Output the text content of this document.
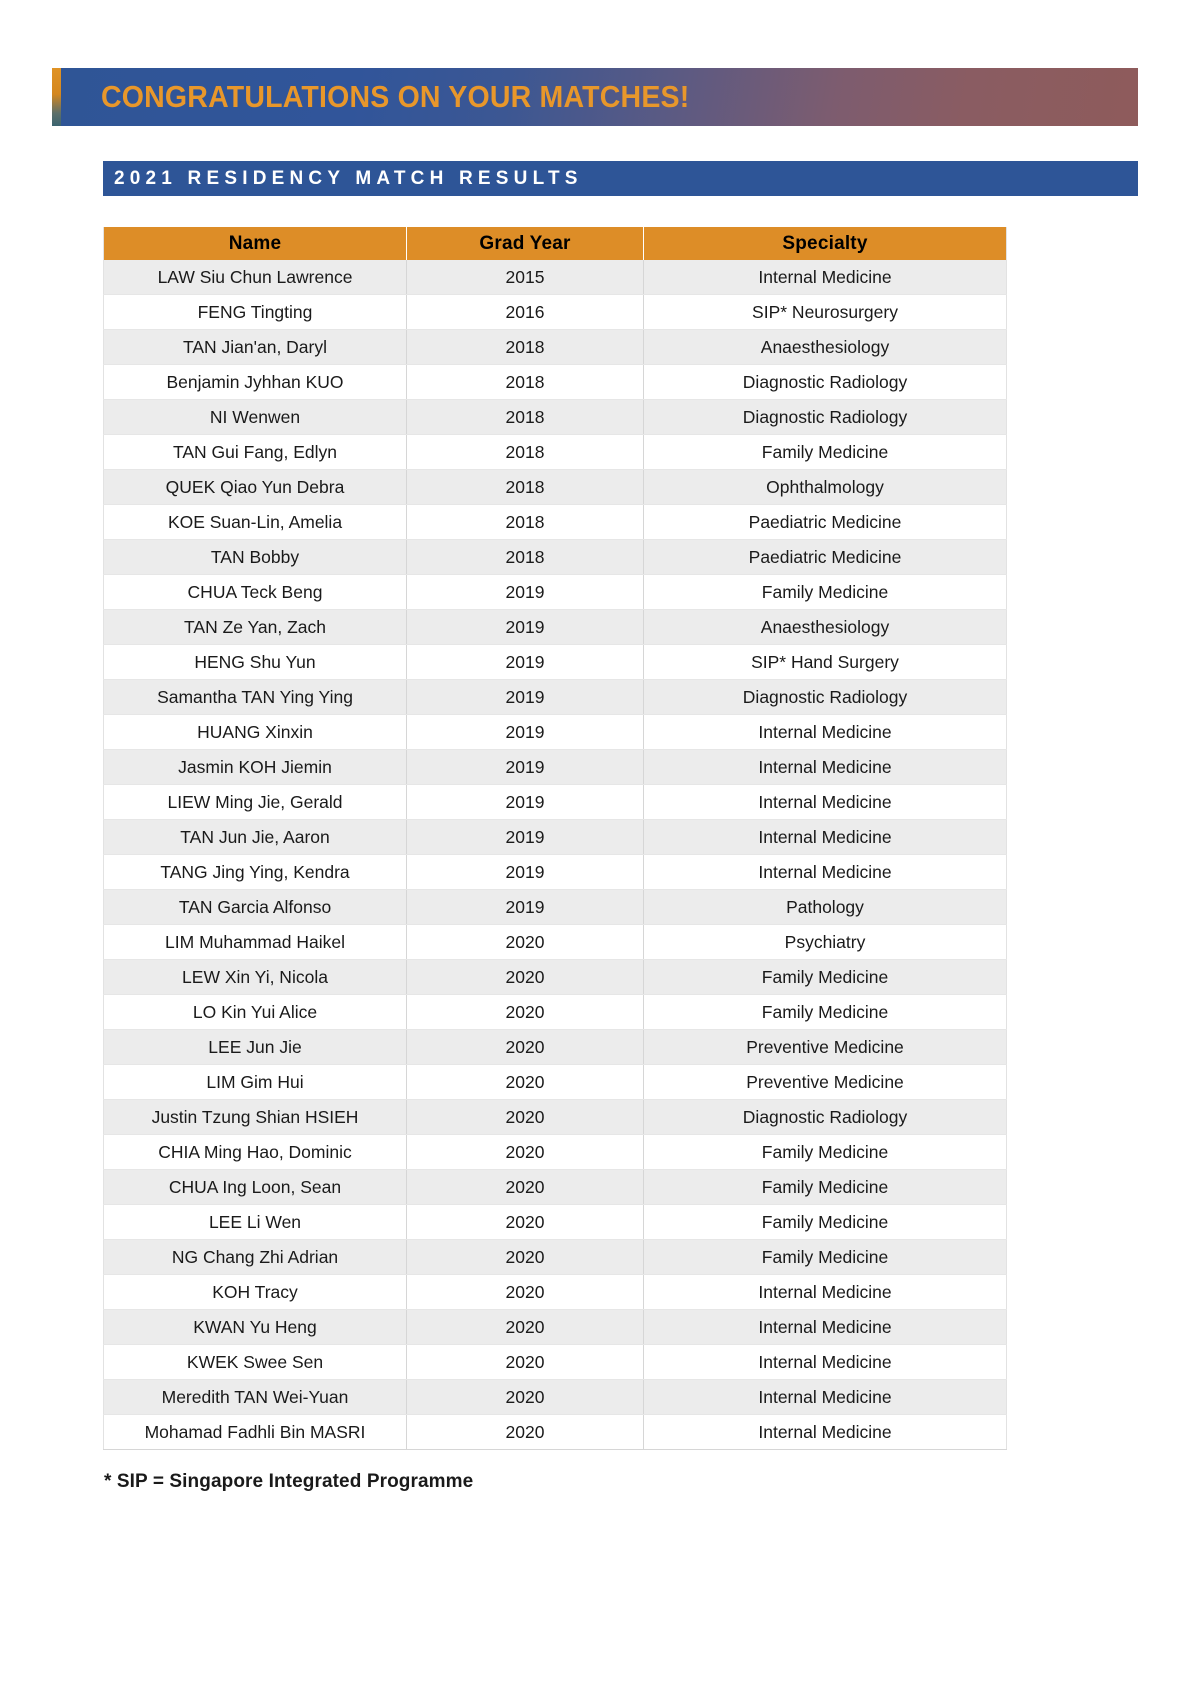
CONGRATULATIONS ON YOUR MATCHES!
2021 RESIDENCY MATCH RESULTS
Name	Grad Year	Specialty
LAW Siu Chun Lawrence	2015	Internal Medicine
FENG Tingting	2016	SIP* Neurosurgery
TAN Jian'an, Daryl	2018	Anaesthesiology
Benjamin Jyhhan KUO	2018	Diagnostic Radiology
NI Wenwen	2018	Diagnostic Radiology
TAN Gui Fang, Edlyn	2018	Family Medicine
QUEK Qiao Yun Debra	2018	Ophthalmology
KOE Suan-Lin, Amelia	2018	Paediatric Medicine
TAN Bobby	2018	Paediatric Medicine
CHUA Teck Beng	2019	Family Medicine
TAN Ze Yan, Zach	2019	Anaesthesiology
HENG Shu Yun	2019	SIP* Hand Surgery
Samantha TAN Ying Ying	2019	Diagnostic Radiology
HUANG Xinxin	2019	Internal Medicine
Jasmin KOH Jiemin	2019	Internal Medicine
LIEW Ming Jie, Gerald	2019	Internal Medicine
TAN Jun Jie, Aaron	2019	Internal Medicine
TANG Jing Ying, Kendra	2019	Internal Medicine
TAN Garcia Alfonso	2019	Pathology
LIM Muhammad Haikel	2020	Psychiatry
LEW Xin Yi, Nicola	2020	Family Medicine
LO Kin Yui Alice	2020	Family Medicine
LEE Jun Jie	2020	Preventive Medicine
LIM Gim Hui	2020	Preventive Medicine
Justin Tzung Shian HSIEH	2020	Diagnostic Radiology
CHIA Ming Hao, Dominic	2020	Family Medicine
CHUA Ing Loon, Sean	2020	Family Medicine
LEE Li Wen	2020	Family Medicine
NG Chang Zhi Adrian	2020	Family Medicine
KOH Tracy	2020	Internal Medicine
KWAN Yu Heng	2020	Internal Medicine
KWEK Swee Sen	2020	Internal Medicine
Meredith TAN Wei-Yuan	2020	Internal Medicine
Mohamad Fadhli Bin MASRI	2020	Internal Medicine
* SIP = Singapore Integrated Programme
